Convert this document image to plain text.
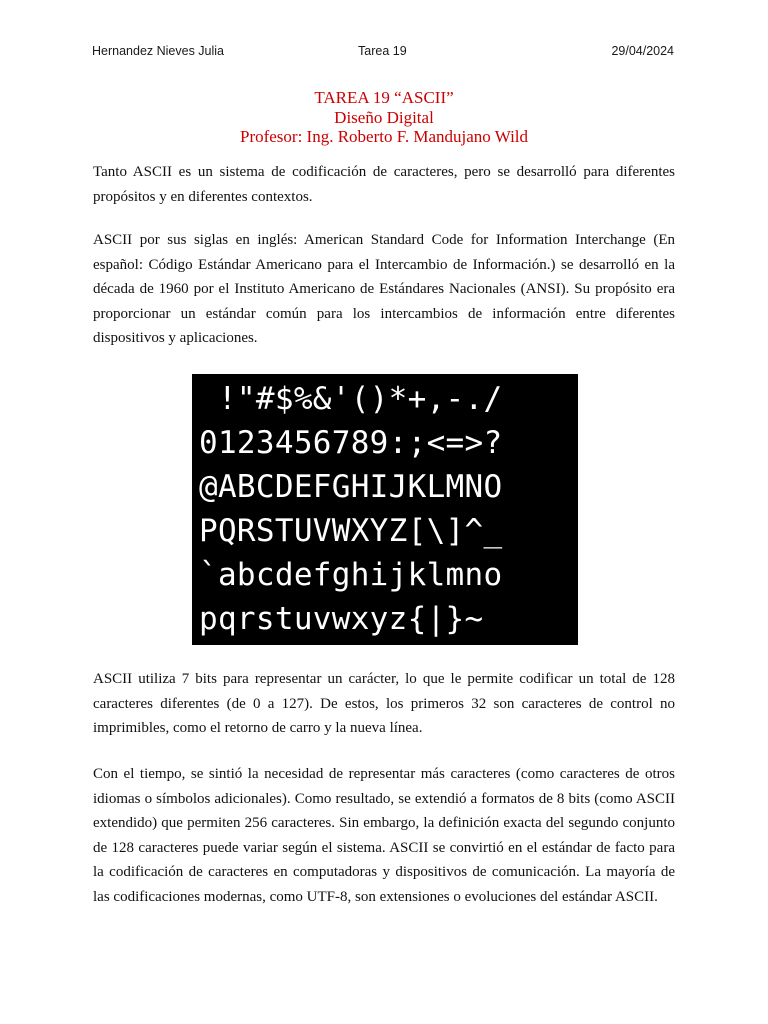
Hernandez Nieves Julia	Tarea 19	29/04/2024
TAREA 19 “ASCII”
Diseño Digital
Profesor: Ing. Roberto F. Mandujano Wild

Tanto ASCII es un sistema de codificación de caracteres, pero se desarrolló para diferentes propósitos y en diferentes contextos.

ASCII por sus siglas en inglés: American Standard Code for Information Interchange (En español: Código Estándar Americano para el Intercambio de Información.) se desarrolló en la década de 1960 por el Instituto Americano de Estándares Nacionales (ANSI). Su propósito era proporcionar un estándar común para los intercambios de información entre diferentes dispositivos y aplicaciones.

!"#$%&'()*+,-./
0123456789:;<=>?
@ABCDEFGHIJKLMNO
PQRSTUVWXYZ[\]^_
`abcdefghijklmno
pqrstuvwxyz{|}~

ASCII utiliza 7 bits para representar un carácter, lo que le permite codificar un total de 128 caracteres diferentes (de 0 a 127). De estos, los primeros 32 son caracteres de control no imprimibles, como el retorno de carro y la nueva línea.

Con el tiempo, se sintió la necesidad de representar más caracteres (como caracteres de otros idiomas o símbolos adicionales). Como resultado, se extendió a formatos de 8 bits (como ASCII extendido) que permiten 256 caracteres. Sin embargo, la definición exacta del segundo conjunto de 128 caracteres puede variar según el sistema. ASCII se convirtió en el estándar de facto para la codificación de caracteres en computadoras y dispositivos de comunicación. La mayoría de las codificaciones modernas, como UTF-8, son extensiones o evoluciones del estándar ASCII.
